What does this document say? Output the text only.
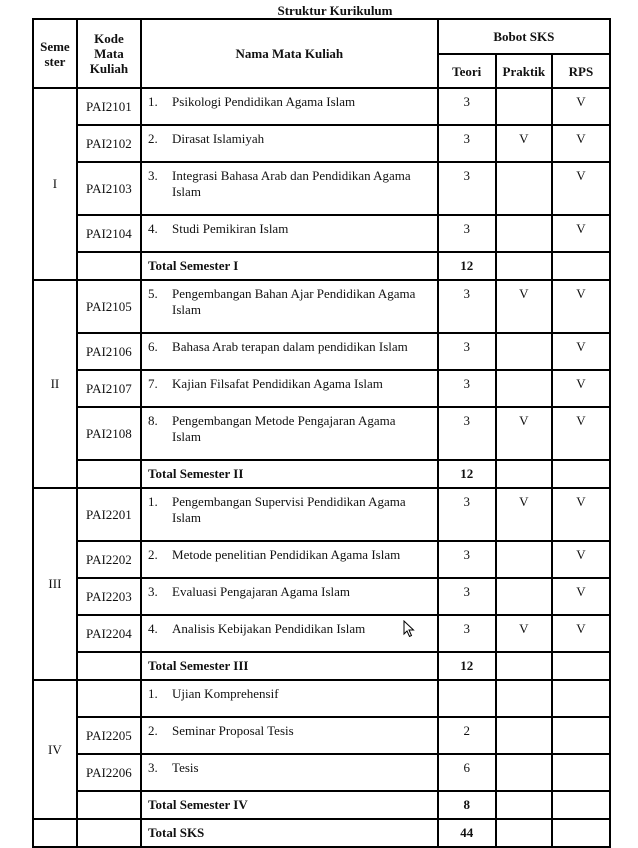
Struktur Kurikulum
Seme ster	Kode Mata Kuliah	Nama Mata Kuliah	Bobot SKS		
			Teori	Praktik	RPS
I	PAI2101	1. Psikologi Pendidikan Agama Islam	3		V
	PAI2102	2. Dirasat Islamiyah	3	V	V
	PAI2103	3. Integrasi Bahasa Arab dan Pendidikan Agama Islam	3		V
	PAI2104	4. Studi Pemikiran Islam	3		V
		Total Semester I	12		
II	PAI2105	5. Pengembangan Bahan Ajar Pendidikan Agama Islam	3	V	V
	PAI2106	6. Bahasa Arab terapan dalam pendidikan Islam	3		V
	PAI2107	7. Kajian Filsafat Pendidikan Agama Islam	3		V
	PAI2108	8. Pengembangan Metode Pengajaran Agama Islam	3	V	V
		Total Semester II	12		
III	PAI2201	1. Pengembangan Supervisi Pendidikan Agama Islam	3	V	V
	PAI2202	2. Metode penelitian Pendidikan Agama Islam	3		V
	PAI2203	3. Evaluasi Pengajaran Agama Islam	3		V
	PAI2204	4. Analisis Kebijakan Pendidikan Islam	3	V	V
		Total Semester III	12		
IV		1. Ujian Komprehensif			
	PAI2205	2. Seminar Proposal Tesis	2		
	PAI2206	3. Tesis	6		
		Total Semester IV	8		
		Total SKS	44		
